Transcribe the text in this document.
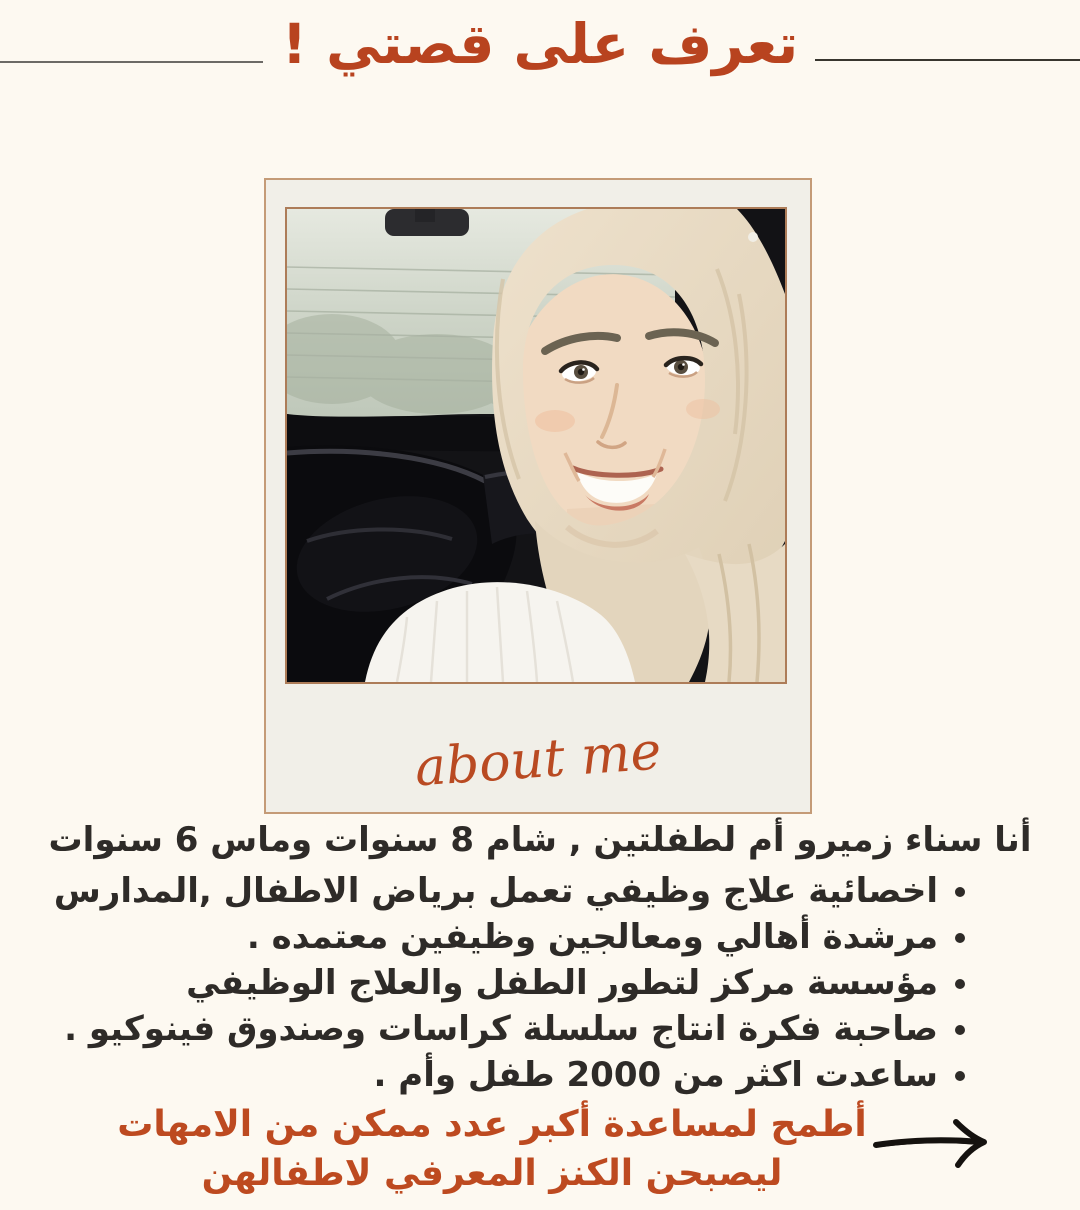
تعرف على قصتي !
about me
أنا سناء زميرو أم لطفلتين , شام 8 سنوات وماس 6 سنوات
• اخصائية علاج وظيفي تعمل برياض الاطفال ,المدارس
• مرشدة أهالي ومعالجين وظيفين معتمده .
• مؤسسة مركز لتطور الطفل والعلاج الوظيفي
• صاحبة فكرة انتاج سلسلة كراسات وصندوق فينوكيو .
• ساعدت اكثر من 2000 طفل وأم .
أطمح لمساعدة أكبر عدد ممكن من الامهات
ليصبحن الكنز المعرفي لاطفالهن
